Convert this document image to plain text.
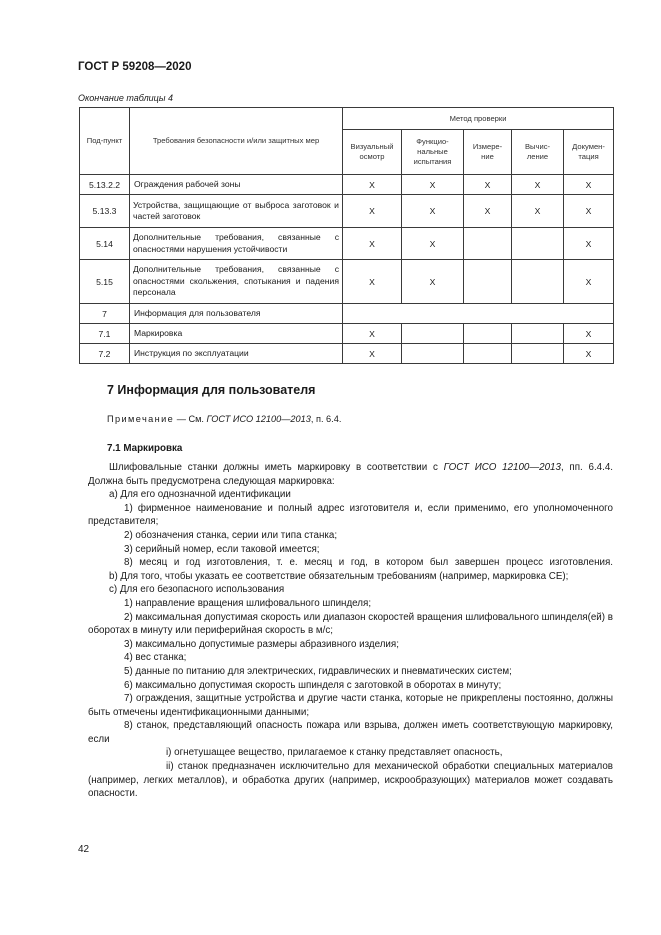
ГОСТ Р 59208—2020
Окончание таблицы 4
Под-пункт	Требования безопасности и/или защитных мер	Метод проверки				
		Визуальный осмотр	Функцио-нальные испытания	Измере-ние	Вычис-ление	Докумен-тация
5.13.2.2	Ограждения рабочей зоны	X	X	X	X	X
5.13.3	Устройства, защищающие от выброса заготовок и частей заготовок	X	X	X	X	X
5.14	Дополнительные требования, связанные с опасностями нарушения устойчивости	X	X			X
5.15	Дополнительные требования, связанные с опасностями скольжения, спотыкания и падения персонала	X	X			X
7	Информация для пользователя					
7.1	Маркировка	X				X
7.2	Инструкция по эксплуатации	X				X
7 Информация для пользователя
Примечание — См. ГОСТ ИСО 12100—2013, п. 6.4.
7.1 Маркировка

Шлифовальные станки должны иметь маркировку в соответствии с ГОСТ ИСО 12100—2013, пп. 6.4.4. Должна быть предусмотрена следующая маркировка:

a) Для его однозначной идентификации

1) фирменное наименование и полный адрес изготовителя и, если применимо, его уполномоченного представителя;

2) обозначения станка, серии или типа станка;

3) серийный номер, если таковой имеется;

8) месяц и год изготовления, т. е. месяц и год, в котором был завершен процесс изготовления.

b) Для того, чтобы указать ее соответствие обязательным требованиям (например, маркировка CE);

c) Для его безопасного использования

1) направление вращения шлифовального шпинделя;

2) максимальная допустимая скорость или диапазон скоростей вращения шлифовального шпинделя(ей) в оборотах в минуту или периферийная скорость в м/с;

3) максимально допустимые размеры абразивного изделия;

4) вес станка;

5) данные по питанию для электрических, гидравлических и пневматических систем;

6) максимально допустимая скорость шпинделя с заготовкой в оборотах в минуту;

7) ограждения, защитные устройства и другие части станка, которые не прикреплены постоянно, должны быть отмечены идентификационными данными;

8) станок, представляющий опасность пожара или взрыва, должен иметь соответствующую маркировку, если

i) огнетушащее вещество, прилагаемое к станку представляет опасность,

ii) станок предназначен исключительно для механической обработки специальных материалов (например, легких металлов), и обработка других (например, искрообразующих) материалов может создавать опасности.

42
